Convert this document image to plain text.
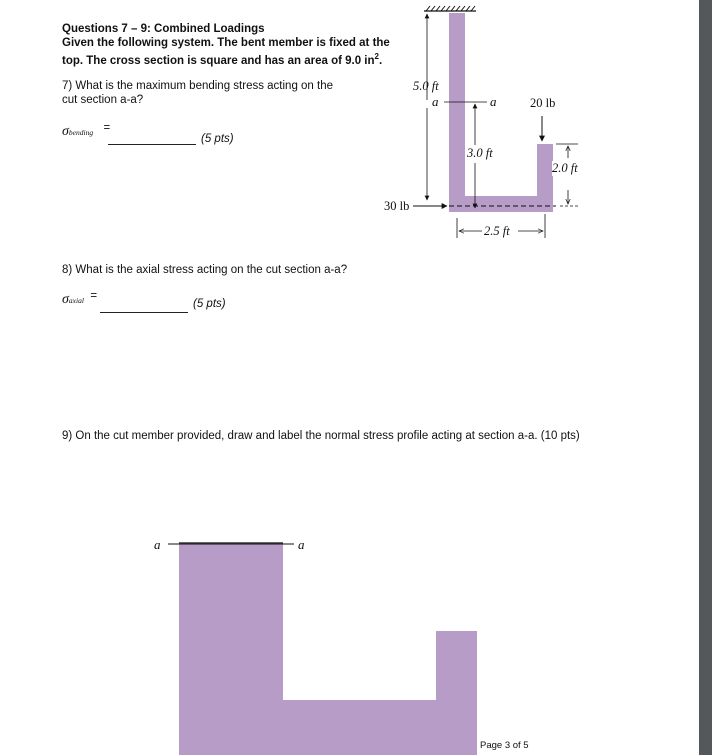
Questions 7 – 9: Combined Loadings
Given the following system. The bent member is fixed at the
top. The cross section is square and has an area of 9.0 $in^2$.
7) What is the maximum bending stress acting on the
cut section a-a?
σbending =
(5 pts)
8) What is the axial stress acting on the cut section a-a?
σaxial =
(5 pts)
9) On the cut member provided, draw and label the normal stress profile acting at section a-a. (10 pts)
5.0 ft
a	a	20 lb
3.0 ft
2.0 ft
30 lb
2.5 ft
a	a
Page 3 of 5
